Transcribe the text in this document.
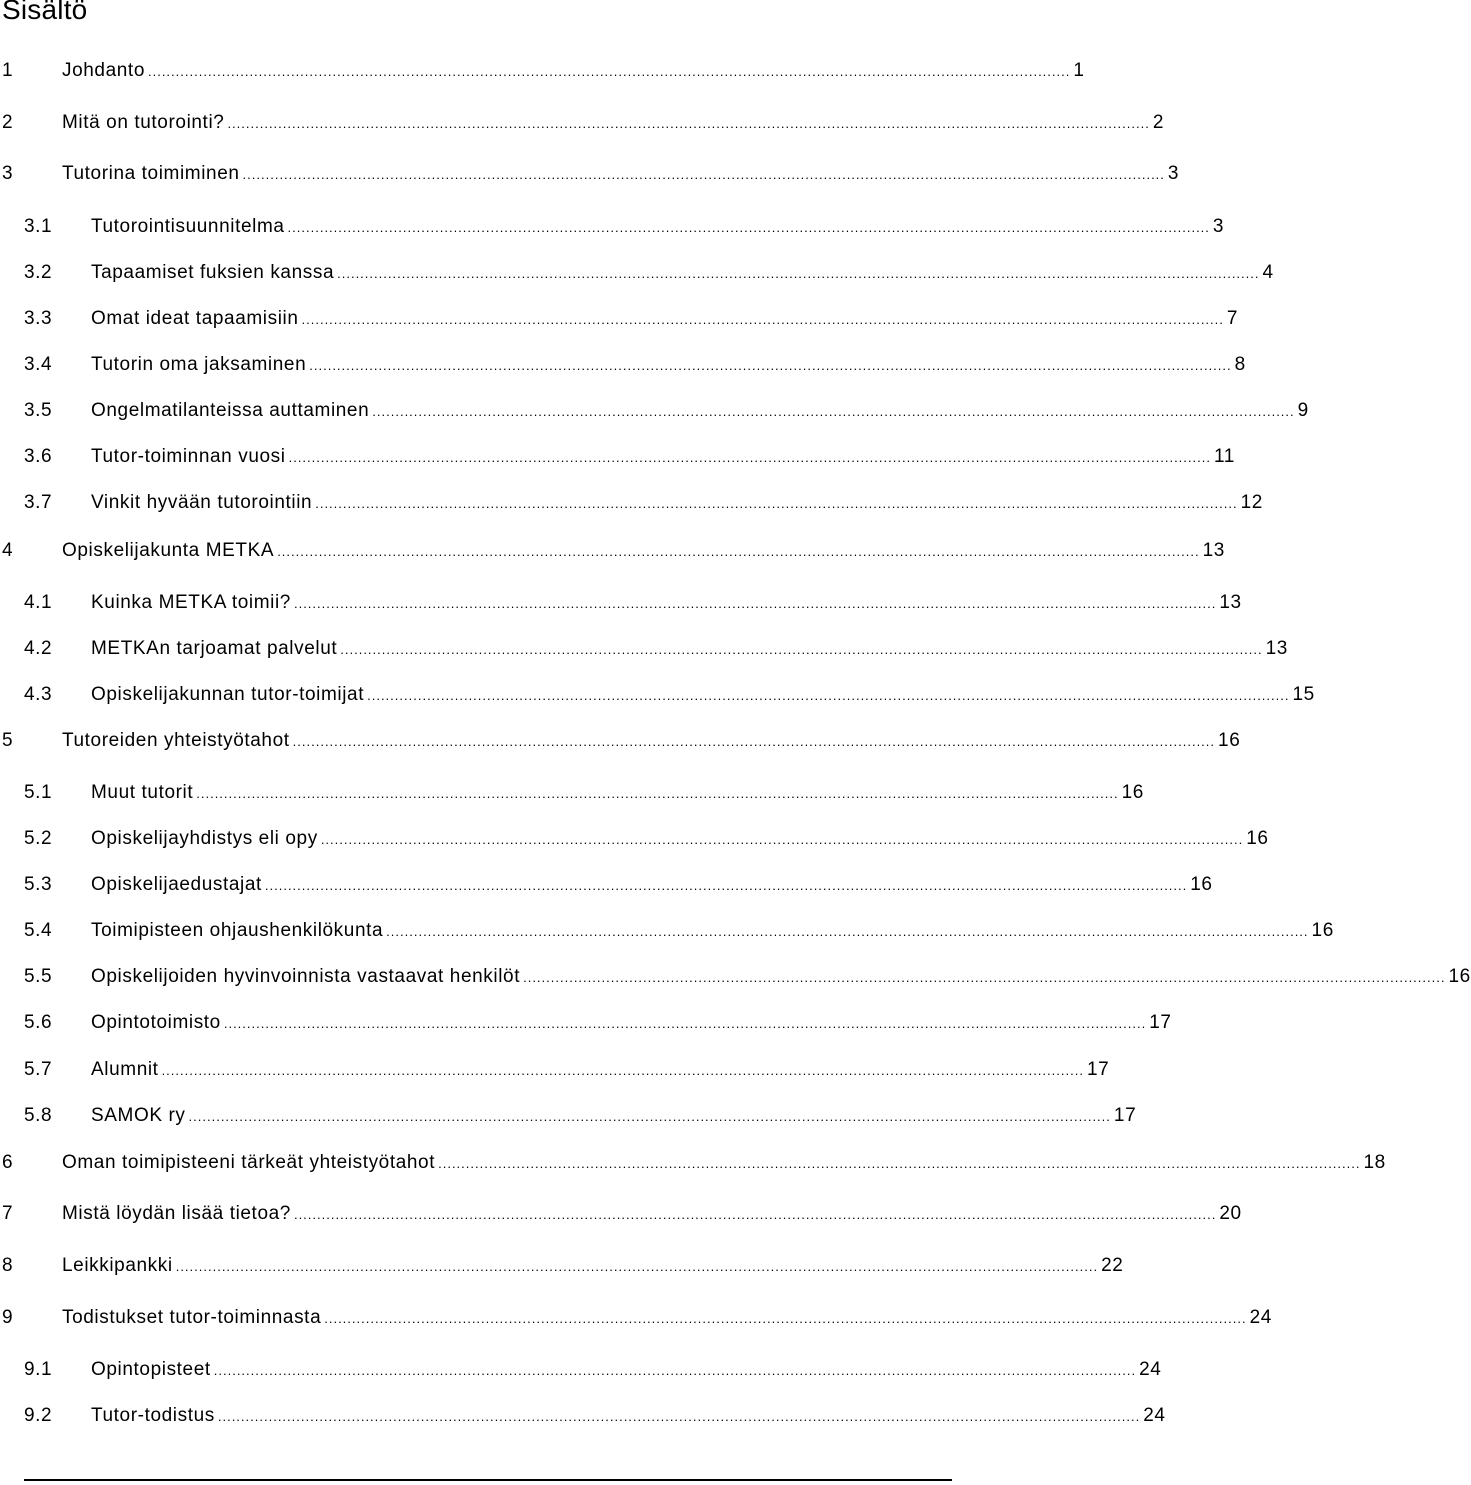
Sisältö
1	Johdanto ........................................................................................................................................................................................................ 1
2	Mitä on tutorointi? ........................................................................................................................................................................................................ 2
3	Tutorina toimiminen ........................................................................................................................................................................................................ 3
3.1	Tutorointisuunnitelma ........................................................................................................................................................................................................ 3
3.2	Tapaamiset fuksien kanssa ........................................................................................................................................................................................................ 4
3.3	Omat ideat tapaamisiin ........................................................................................................................................................................................................ 7
3.4	Tutorin oma jaksaminen ........................................................................................................................................................................................................ 8
3.5	Ongelmatilanteissa auttaminen ........................................................................................................................................................................................................ 9
3.6	Tutor-toiminnan vuosi ........................................................................................................................................................................................................ 11
3.7	Vinkit hyvään tutorointiin ........................................................................................................................................................................................................ 12
4	Opiskelijakunta METKA ........................................................................................................................................................................................................ 13
4.1	Kuinka METKA toimii? ........................................................................................................................................................................................................ 13
4.2	METKAn tarjoamat palvelut ........................................................................................................................................................................................................ 13
4.3	Opiskelijakunnan tutor-toimijat ........................................................................................................................................................................................................ 15
5	Tutoreiden yhteistyötahot ........................................................................................................................................................................................................ 16
5.1	Muut tutorit ........................................................................................................................................................................................................ 16
5.2	Opiskelijayhdistys eli opy ........................................................................................................................................................................................................ 16
5.3	Opiskelijaedustajat ........................................................................................................................................................................................................ 16
5.4	Toimipisteen ohjaushenkilökunta ........................................................................................................................................................................................................ 16
5.5	Opiskelijoiden hyvinvoinnista vastaavat henkilöt ........................................................................................................................................................................................................ 16
5.6	Opintotoimisto ........................................................................................................................................................................................................ 17
5.7	Alumnit ........................................................................................................................................................................................................ 17
5.8	SAMOK ry ........................................................................................................................................................................................................ 17
6	Oman toimipisteeni tärkeät yhteistyötahot ........................................................................................................................................................................................................ 18
7	Mistä löydän lisää tietoa? ........................................................................................................................................................................................................ 20
8	Leikkipankki ........................................................................................................................................................................................................ 22
9	Todistukset tutor-toiminnasta ........................................................................................................................................................................................................ 24
9.1	Opintopisteet ........................................................................................................................................................................................................ 24
9.2	Tutor-todistus ........................................................................................................................................................................................................ 24
